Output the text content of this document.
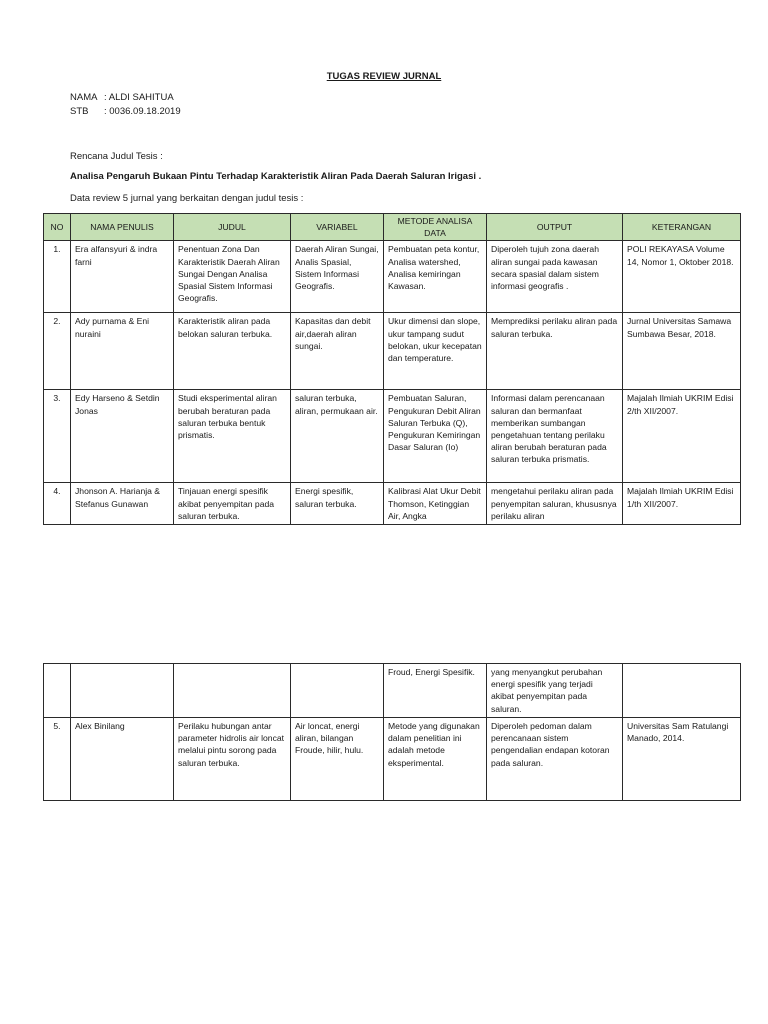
TUGAS REVIEW JURNAL
NAMA : ALDI SAHITUA
STB : 0036.09.18.2019
Rencana Judul Tesis :
Analisa Pengaruh Bukaan Pintu Terhadap Karakteristik Aliran Pada Daerah Saluran Irigasi .
Data review 5 jurnal yang berkaitan dengan judul tesis :
NO	NAMA PENULIS	JUDUL	VARIABEL	METODE ANALISA DATA	OUTPUT	KETERANGAN
1.	Era alfansyuri & indra farni	Penentuan Zona Dan Karakteristik Daerah Aliran Sungai Dengan Analisa Spasial Sistem Informasi Geografis.	Daerah Aliran Sungai, Analis Spasial, Sistem Informasi Geografis.	Pembuatan peta kontur, Analisa watershed, Analisa kemiringan Kawasan.	Diperoleh tujuh zona daerah aliran sungai pada kawasan secara spasial dalam sistem informasi geografis .	POLI REKAYASA Volume 14, Nomor 1, Oktober 2018.
2.	Ady purnama & Eni nuraini	Karakteristik aliran pada belokan saluran terbuka.	Kapasitas dan debit air,daerah aliran sungai.	Ukur dimensi dan slope, ukur tampang sudut belokan, ukur kecepatan dan temperature.	Memprediksi perilaku aliran pada saluran terbuka.	Jurnal Universitas Samawa Sumbawa Besar, 2018.
3.	Edy Harseno & Setdin Jonas	Studi eksperimental aliran berubah beraturan pada saluran terbuka bentuk prismatis.	saluran terbuka, aliran, permukaan air.	Pembuatan Saluran, Pengukuran Debit Aliran Saluran Terbuka (Q), Pengukuran Kemiringan Dasar Saluran (Io)	Informasi dalam perencanaan saluran dan bermanfaat memberikan sumbangan pengetahuan tentang perilaku aliran berubah beraturan pada saluran terbuka prismatis.	Majalah Ilmiah UKRIM Edisi 2/th XII/2007.
4.	Jhonson A. Harianja & Stefanus Gunawan	Tinjauan energi spesifik akibat penyempitan pada saluran terbuka.	Energi spesifik, saluran terbuka.	Kalibrasi Alat Ukur Debit Thomson, Ketinggian Air, Angka	mengetahui perilaku aliran pada penyempitan saluran, khususnya perilaku aliran	Majalah Ilmiah UKRIM Edisi 1/th XII/2007.
				Froud, Energi Spesifik.	yang menyangkut perubahan energi spesifik yang terjadi akibat penyempitan pada saluran.	
5.	Alex Binilang	Perilaku hubungan antar parameter hidrolis air loncat melalui pintu sorong pada saluran terbuka.	Air loncat, energi aliran, bilangan Froude, hilir, hulu.	Metode yang digunakan dalam penelitian ini adalah metode eksperimental.	Diperoleh pedoman dalam perencanaan sistem pengendalian endapan kotoran pada saluran.	Universitas Sam Ratulangi Manado, 2014.
